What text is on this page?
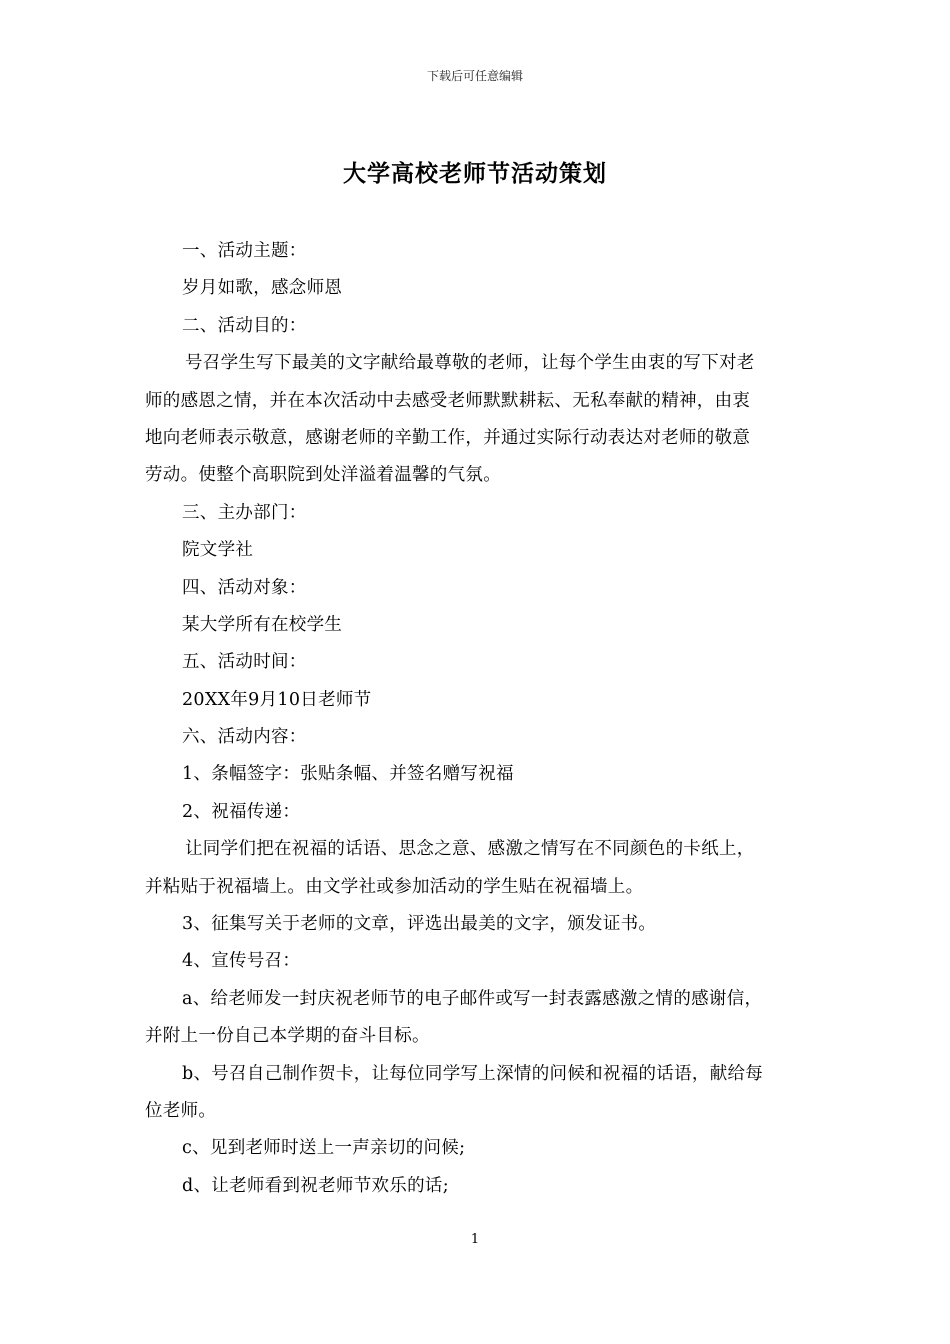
下载后可任意编辑
大学高校老师节活动策划
一、活动主题：
岁月如歌，感念师恩
二、活动目的：
号召学生写下最美的文字献给最尊敬的老师，让每个学生由衷的写下对老
师的感恩之情，并在本次活动中去感受老师默默耕耘、无私奉献的精神，由衷
地向老师表示敬意，感谢老师的辛勤工作，并通过实际行动表达对老师的敬意
劳动。使整个高职院到处洋溢着温馨的气氛。
三、主办部门：
院文学社
四、活动对象：
某大学所有在校学生
五、活动时间：
20XX年9月10日老师节
六、活动内容：
1、条幅签字：张贴条幅、并签名赠写祝福
2、祝福传递：
让同学们把在祝福的话语、思念之意、感激之情写在不同颜色的卡纸上，
并粘贴于祝福墙上。由文学社或参加活动的学生贴在祝福墙上。
3、征集写关于老师的文章，评选出最美的文字，颁发证书。
4、宣传号召：
a、给老师发一封庆祝老师节的电子邮件或写一封表露感激之情的感谢信，
并附上一份自己本学期的奋斗目标。
b、号召自己制作贺卡，让每位同学写上深情的问候和祝福的话语，献给每
位老师。
c、见到老师时送上一声亲切的问候;
d、让老师看到祝老师节欢乐的话;
1
